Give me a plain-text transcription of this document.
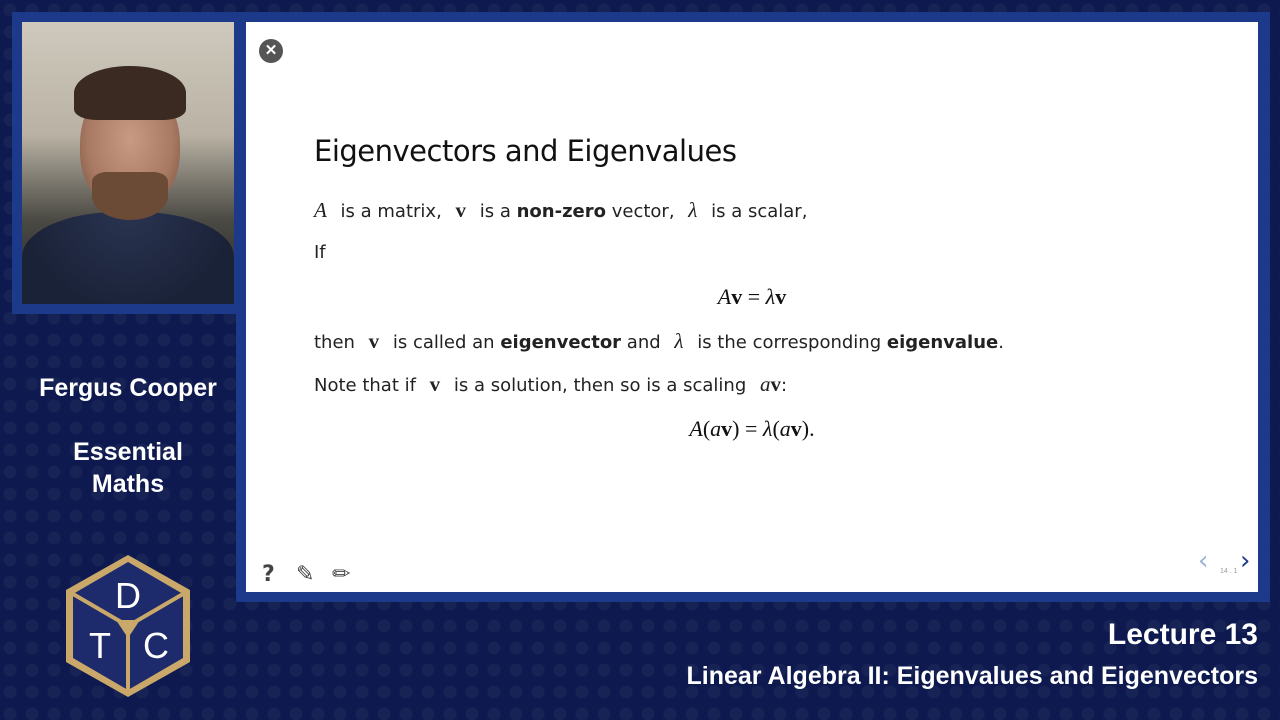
Fergus Cooper
Essential
Maths
D
T C
✕
Eigenvectors and Eigenvalues
A is a matrix, v is a non-zero vector, λ is a scalar,
If
Av = λv
then v is called an eigenvector and λ is the corresponding eigenvalue.
Note that if v is a solution, then so is a scaling av:
A(av) = λ(av).
? ✎ ✏	‹ 14 . 1 ›
Lecture 13
Linear Algebra II: Eigenvalues and Eigenvectors
